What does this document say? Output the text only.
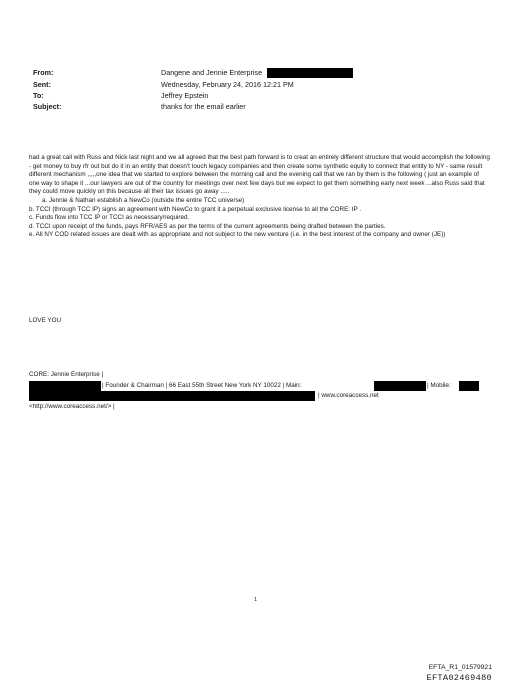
From:	Dangene and Jennie Enterprise
Sent:	Wednesday, February 24, 2016 12:21 PM
To:	Jeffrey Epstein
Subject:	thanks for the email earlier

had a great call with Russ and Nick last night and we all agreed that the best path forward is to creat an entirely different structure that would accomplish the following - get money to buy rfr out but do it in an entity that doesn't touch legacy companies and then create some synthetic equity to connect that entity to NY - same result different mechanism ,,,,,one idea that we started to explore between the morning call and the evening call that we ran by them is the following ( just an example of one way to shape it ...our lawyers are out of the country for meetings over next few days but we expect to get them something early next week ...also Russ said that they could move quickly on this because all their tax issues go away .....

a. Jennie & Nathan establish a NewCo (outside the entire TCC universe)
b. TCCI (through TCC IP) signs an agreement with NewCo to grant it a perpetual exclusive license to all the CORE: IP .
c. Funds flow into TCC IP or TCCI as necessary/required.
d. TCCI upon receipt of the funds, pays RFR/AES as per the terms of the current agreements being drafted between the parties.
e. All NY COD related issues are dealt with as appropriate and not subject to the new venture (i.e. in the best interest of the company and owner (JE))
LOVE YOU
CORE: Jennie Enterprise |
| Founder & Chairman | 66 East 55th Street New York NY 10022 | Main:	| Mobile:
| www.coreaccess.net
<http://www.coreaccess.net/> |
1
EFTA_R1_01579921
EFTA02469480
